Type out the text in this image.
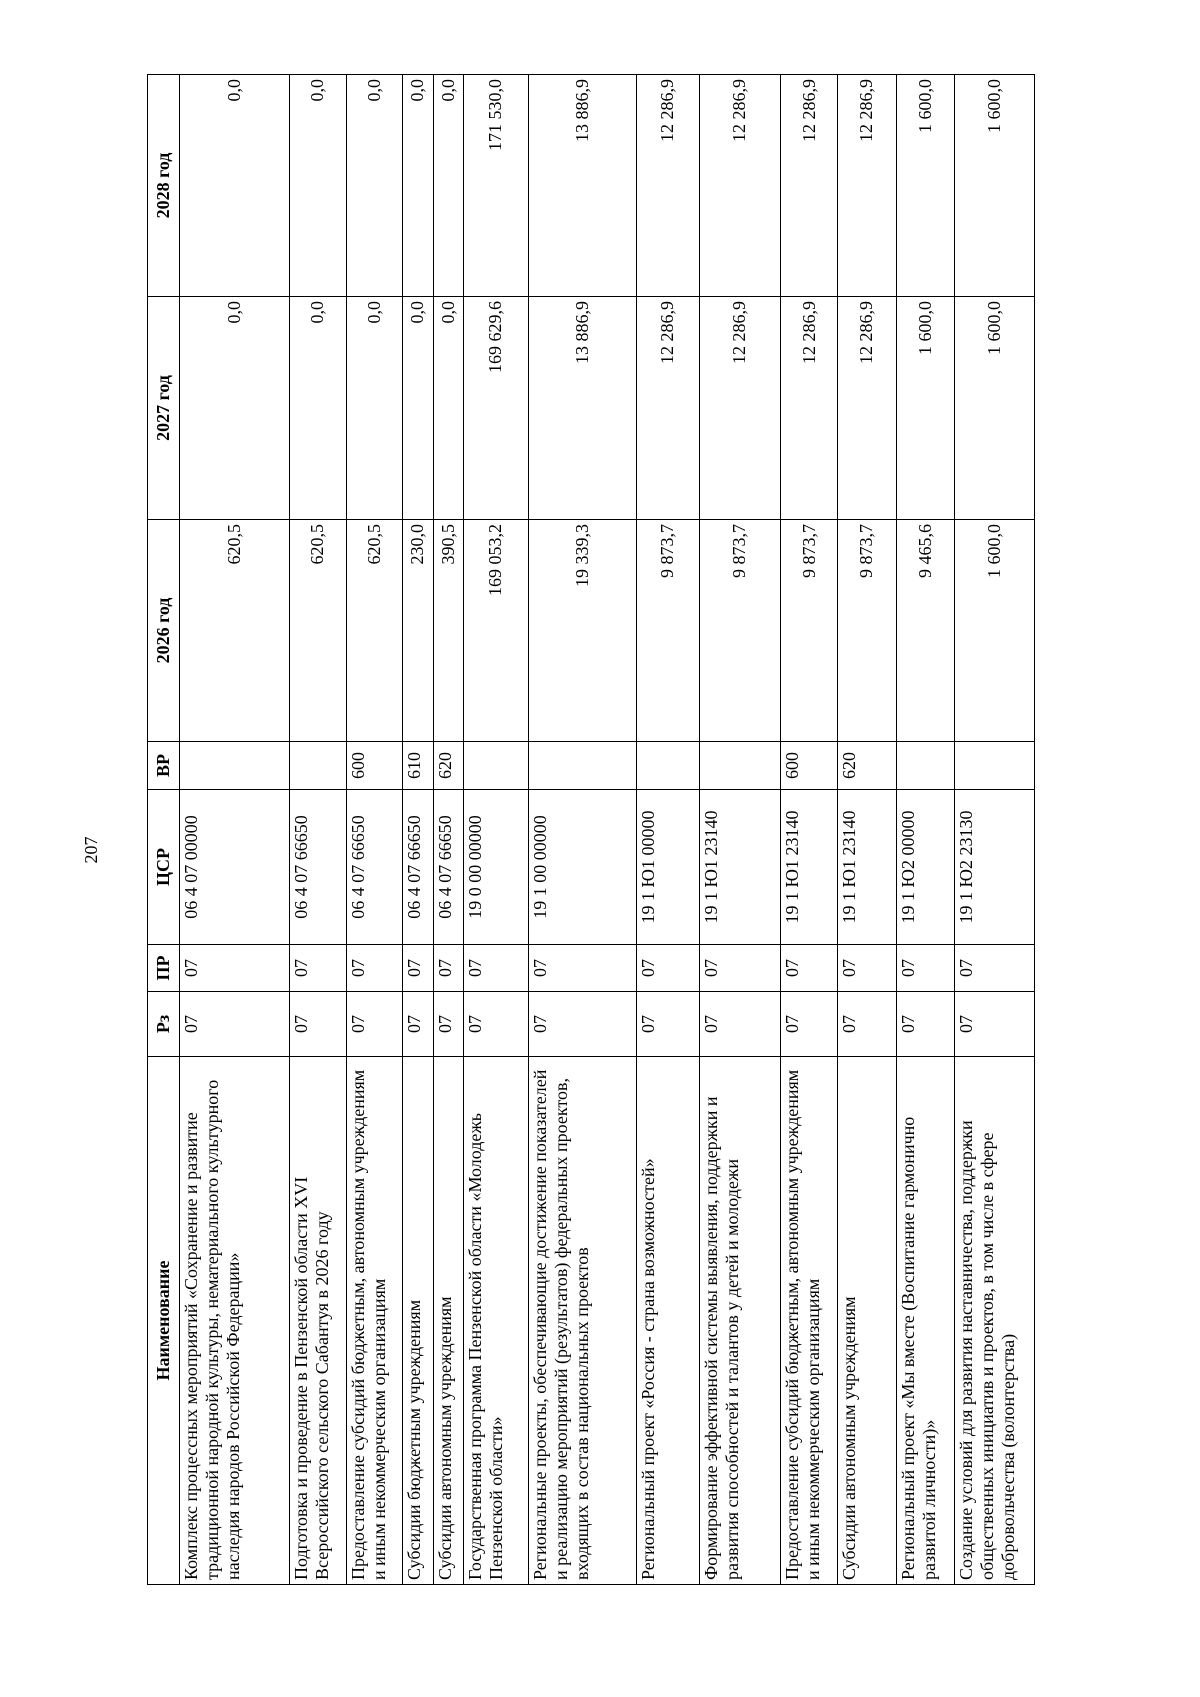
207
Наименование	Рз	ПР	ЦСР	ВР	2026 год	2027 год	2028 год
Комплекс процессных мероприятий «Сохранение и развитие традиционной народной культуры, нематериального культурного наследия народов Российской Федерации»	07	07	06 4 07 00000		620,5	0,0	0,0
Подготовка и проведение в Пензенской области XVI Всероссийского сельского Сабантуя в 2026 году	07	07	06 4 07 66650		620,5	0,0	0,0
Предоставление субсидий бюджетным, автономным учреждениям и иным некоммерческим организациям	07	07	06 4 07 66650	600	620,5	0,0	0,0
Субсидии бюджетным учреждениям	07	07	06 4 07 66650	610	230,0	0,0	0,0
Субсидии автономным учреждениям	07	07	06 4 07 66650	620	390,5	0,0	0,0
Государственная программа Пензенской области «Молодежь Пензенской области»	07	07	19 0 00 00000		169 053,2	169 629,6	171 530,0
Региональные проекты, обеспечивающие достижение показателей и реализацию мероприятий (результатов) федеральных проектов, входящих в состав национальных проектов	07	07	19 1 00 00000		19 339,3	13 886,9	13 886,9
Региональный проект «Россия - страна возможностей»	07	07	19 1 Ю1 00000		9 873,7	12 286,9	12 286,9
Формирование эффективной системы выявления, поддержки и развития способностей и талантов у детей и молодежи	07	07	19 1 Ю1 23140		9 873,7	12 286,9	12 286,9
Предоставление субсидий бюджетным, автономным учреждениям и иным некоммерческим организациям	07	07	19 1 Ю1 23140	600	9 873,7	12 286,9	12 286,9
Субсидии автономным учреждениям	07	07	19 1 Ю1 23140	620	9 873,7	12 286,9	12 286,9
Региональный проект «Мы вместе (Воспитание гармонично развитой личности)»	07	07	19 1 Ю2 00000		9 465,6	1 600,0	1 600,0
Создание условий для развития наставничества, поддержки общественных инициатив и проектов, в том числе в сфере добровольчества (волонтерства)	07	07	19 1 Ю2 23130		1 600,0	1 600,0	1 600,0
